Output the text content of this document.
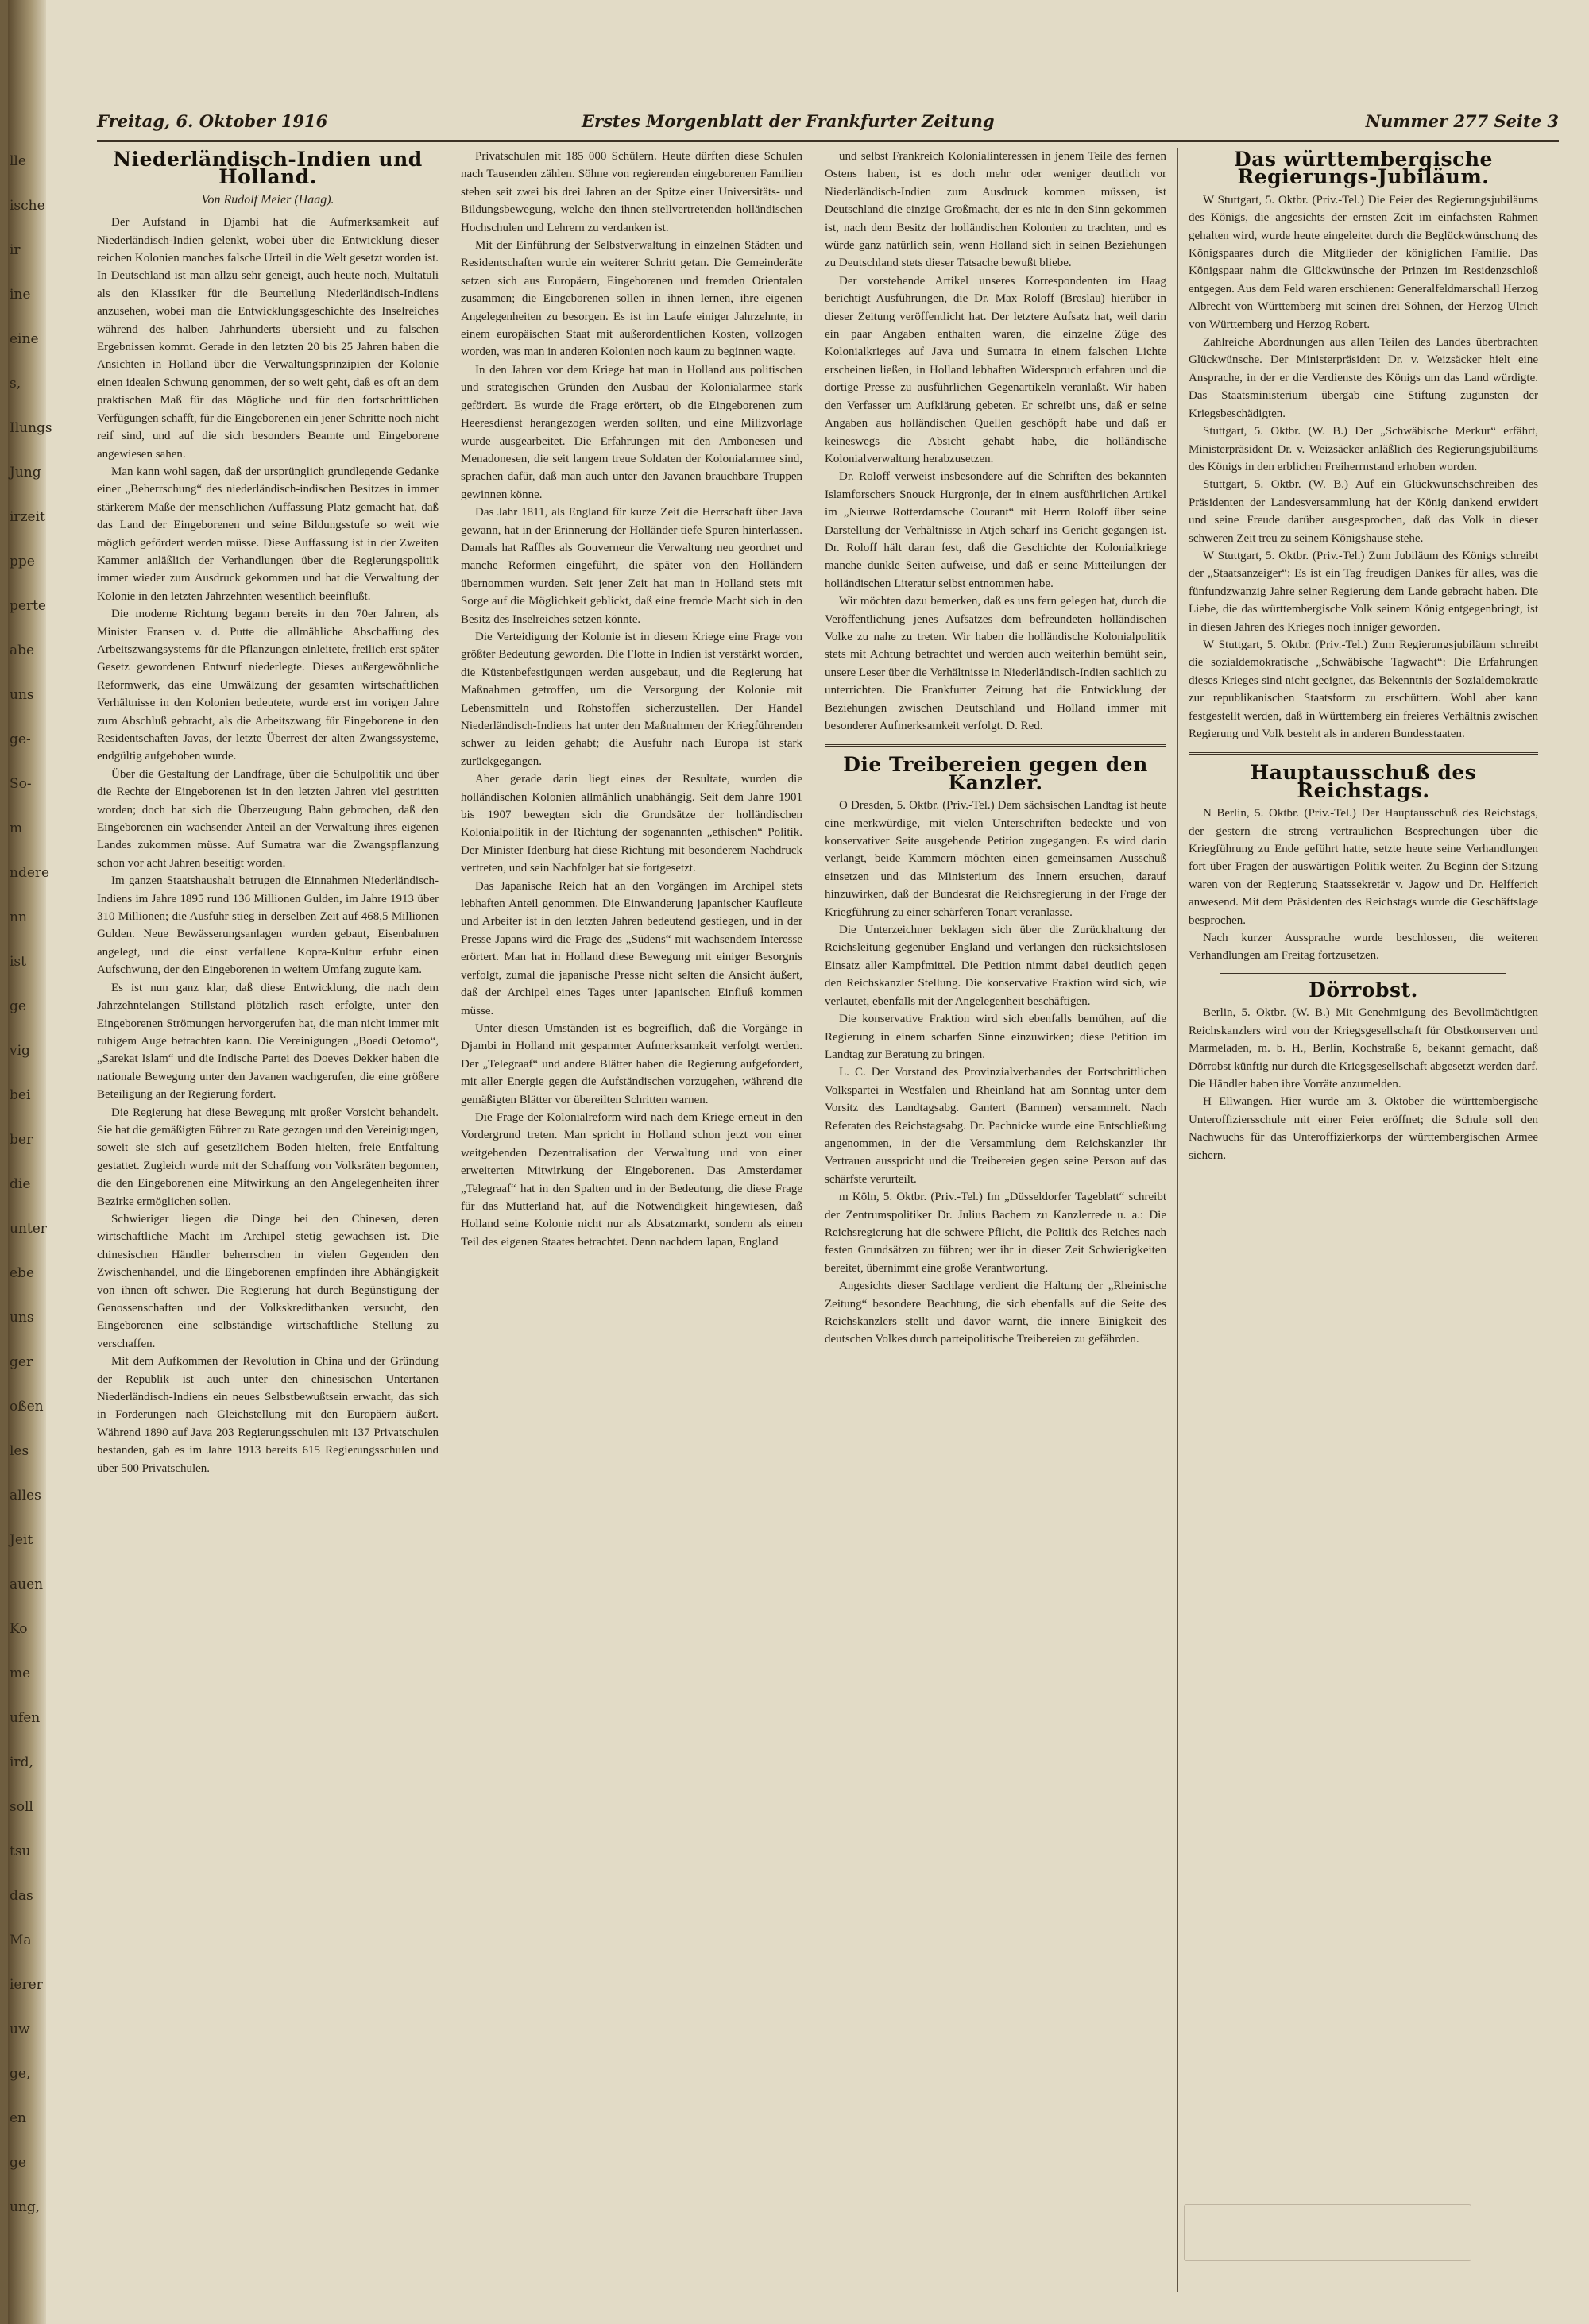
lle
ische
ir
ine
eine
s,
Ilungs
Jung
irzeit
ppe
perte
abe
uns
ge-
So-
m
ndere
nn
ist
ge
vig
bei
ber
die
unter
ebe
uns
ger
oßen
les
alles
Jeit
auen
Ko
me
ufen
ird,
soll
tsu
das
Ma
ierer
uw
ge,
en
ge
ung,
Freitag, 6. Oktober 1916	Erstes Morgenblatt der Frankfurter Zeitung	Nummer 277 Seite 3
Niederländisch-Indien und Holland.

Von Rudolf Meier (Haag).

Der Aufstand in Djambi hat die Aufmerksamkeit auf Niederländisch-Indien gelenkt, wobei über die Entwicklung dieser reichen Kolonien manches falsche Urteil in die Welt gesetzt worden ist. In Deutschland ist man allzu sehr geneigt, auch heute noch, Multatuli als den Klassiker für die Beurteilung Niederländisch-Indiens anzusehen, wobei man die Entwicklungsgeschichte des Inselreiches während des halben Jahrhunderts übersieht und zu falschen Ergebnissen kommt. Gerade in den letzten 20 bis 25 Jahren haben die Ansichten in Holland über die Verwaltungsprinzipien der Kolonie einen idealen Schwung genommen, der so weit geht, daß es oft an dem praktischen Maß für das Mögliche und für den fortschrittlichen Verfügungen schafft, für die Eingeborenen ein jener Schritte noch nicht reif sind, und auf die sich besonders Beamte und Eingeborene angewiesen sahen.

Man kann wohl sagen, daß der ursprünglich grundlegende Gedanke einer „Beherrschung“ des niederländisch-indischen Besitzes in immer stärkerem Maße der menschlichen Auffassung Platz gemacht hat, daß das Land der Eingeborenen und seine Bildungsstufe so weit wie möglich gefördert werden müsse. Diese Auffassung ist in der Zweiten Kammer anläßlich der Verhandlungen über die Regierungspolitik immer wieder zum Ausdruck gekommen und hat die Verwaltung der Kolonie in den letzten Jahrzehnten wesentlich beeinflußt.

Die moderne Richtung begann bereits in den 70er Jahren, als Minister Fransen v. d. Putte die allmähliche Abschaffung des Arbeitszwangsystems für die Pflanzungen einleitete, freilich erst später Gesetz gewordenen Entwurf niederlegte. Dieses außergewöhnliche Reformwerk, das eine Umwälzung der gesamten wirtschaftlichen Verhältnisse in den Kolonien bedeutete, wurde erst im vorigen Jahre zum Abschluß gebracht, als die Arbeitszwang für Eingeborene in den Residentschaften Javas, der letzte Überrest der alten Zwangssysteme, endgültig aufgehoben wurde.

Über die Gestaltung der Landfrage, über die Schulpolitik und über die Rechte der Eingeborenen ist in den letzten Jahren viel gestritten worden; doch hat sich die Überzeugung Bahn gebrochen, daß den Eingeborenen ein wachsender Anteil an der Verwaltung ihres eigenen Landes zukommen müsse. Auf Sumatra war die Zwangspflanzung schon vor acht Jahren beseitigt worden.

Im ganzen Staatshaushalt betrugen die Einnahmen Niederländisch-Indiens im Jahre 1895 rund 136 Millionen Gulden, im Jahre 1913 über 310 Millionen; die Ausfuhr stieg in derselben Zeit auf 468,5 Millionen Gulden. Neue Bewässerungsanlagen wurden gebaut, Eisenbahnen angelegt, und die einst verfallene Kopra-Kultur erfuhr einen Aufschwung, der den Eingeborenen in weitem Umfang zugute kam.

Es ist nun ganz klar, daß diese Entwicklung, die nach dem Jahrzehntelangen Stillstand plötzlich rasch erfolgte, unter den Eingeborenen Strömungen hervorgerufen hat, die man nicht immer mit ruhigem Auge betrachten kann. Die Vereinigungen „Boedi Oetomo“, „Sarekat Islam“ und die Indische Partei des Doeves Dekker haben die nationale Bewegung unter den Javanen wachgerufen, die eine größere Beteiligung an der Regierung fordert.

Die Regierung hat diese Bewegung mit großer Vorsicht behandelt. Sie hat die gemäßigten Führer zu Rate gezogen und den Vereinigungen, soweit sie sich auf gesetzlichem Boden hielten, freie Entfaltung gestattet. Zugleich wurde mit der Schaffung von Volksräten begonnen, die den Eingeborenen eine Mitwirkung an den Angelegenheiten ihrer Bezirke ermöglichen sollen.

Schwieriger liegen die Dinge bei den Chinesen, deren wirtschaftliche Macht im Archipel stetig gewachsen ist. Die chinesischen Händler beherrschen in vielen Gegenden den Zwischenhandel, und die Eingeborenen empfinden ihre Abhängigkeit von ihnen oft schwer. Die Regierung hat durch Begünstigung der Genossenschaften und der Volkskreditbanken versucht, den Eingeborenen eine selbständige wirtschaftliche Stellung zu verschaffen.

Mit dem Aufkommen der Revolution in China und der Gründung der Republik ist auch unter den chinesischen Untertanen Niederländisch-Indiens ein neues Selbstbewußtsein erwacht, das sich in Forderungen nach Gleichstellung mit den Europäern äußert. Während 1890 auf Java 203 Regierungsschulen mit 137 Privatschulen bestanden, gab es im Jahre 1913 bereits 615 Regierungsschulen und über 500 Privatschulen.

Privatschulen mit 185 000 Schülern. Heute dürften diese Schulen nach Tausenden zählen. Söhne von regierenden eingeborenen Familien stehen seit zwei bis drei Jahren an der Spitze einer Universitäts- und Bildungsbewegung, welche den ihnen stellvertretenden holländischen Hochschulen und Lehrern zu verdanken ist.

Mit der Einführung der Selbstverwaltung in einzelnen Städten und Residentschaften wurde ein weiterer Schritt getan. Die Gemeinderäte setzen sich aus Europäern, Eingeborenen und fremden Orientalen zusammen; die Eingeborenen sollen in ihnen lernen, ihre eigenen Angelegenheiten zu besorgen. Es ist im Laufe einiger Jahrzehnte, in einem europäischen Staat mit außerordentlichen Kosten, vollzogen worden, was man in anderen Kolonien noch kaum zu beginnen wagte.

In den Jahren vor dem Kriege hat man in Holland aus politischen und strategischen Gründen den Ausbau der Kolonialarmee stark gefördert. Es wurde die Frage erörtert, ob die Eingeborenen zum Heeresdienst herangezogen werden sollten, und eine Milizvorlage wurde ausgearbeitet. Die Erfahrungen mit den Ambonesen und Menadonesen, die seit langem treue Soldaten der Kolonialarmee sind, sprachen dafür, daß man auch unter den Javanen brauchbare Truppen gewinnen könne.

Das Jahr 1811, als England für kurze Zeit die Herrschaft über Java gewann, hat in der Erinnerung der Holländer tiefe Spuren hinterlassen. Damals hat Raffles als Gouverneur die Verwaltung neu geordnet und manche Reformen eingeführt, die später von den Holländern übernommen wurden. Seit jener Zeit hat man in Holland stets mit Sorge auf die Möglichkeit geblickt, daß eine fremde Macht sich in den Besitz des Inselreiches setzen könnte.

Die Verteidigung der Kolonie ist in diesem Kriege eine Frage von größter Bedeutung geworden. Die Flotte in Indien ist verstärkt worden, die Küstenbefestigungen werden ausgebaut, und die Regierung hat Maßnahmen getroffen, um die Versorgung der Kolonie mit Lebensmitteln und Rohstoffen sicherzustellen. Der Handel Niederländisch-Indiens hat unter den Maßnahmen der Kriegführenden schwer zu leiden gehabt; die Ausfuhr nach Europa ist stark zurückgegangen.

Aber gerade darin liegt eines der Resultate, wurden die holländischen Kolonien allmählich unabhängig. Seit dem Jahre 1901 bis 1907 bewegten sich die Grundsätze der holländischen Kolonialpolitik in der Richtung der sogenannten „ethischen“ Politik. Der Minister Idenburg hat diese Richtung mit besonderem Nachdruck vertreten, und sein Nachfolger hat sie fortgesetzt.

Das Japanische Reich hat an den Vorgängen im Archipel stets lebhaften Anteil genommen. Die Einwanderung japanischer Kaufleute und Arbeiter ist in den letzten Jahren bedeutend gestiegen, und in der Presse Japans wird die Frage des „Südens“ mit wachsendem Interesse erörtert. Man hat in Holland diese Bewegung mit einiger Besorgnis verfolgt, zumal die japanische Presse nicht selten die Ansicht äußert, daß der Archipel eines Tages unter japanischen Einfluß kommen müsse.

Unter diesen Umständen ist es begreiflich, daß die Vorgänge in Djambi in Holland mit gespannter Aufmerksamkeit verfolgt werden. Der „Telegraaf“ und andere Blätter haben die Regierung aufgefordert, mit aller Energie gegen die Aufständischen vorzugehen, während die gemäßigten Blätter vor übereilten Schritten warnen.

Die Frage der Kolonialreform wird nach dem Kriege erneut in den Vordergrund treten. Man spricht in Holland schon jetzt von einer weitgehenden Dezentralisation der Verwaltung und von einer erweiterten Mitwirkung der Eingeborenen. Das Amsterdamer „Telegraaf“ hat in den Spalten und in der Bedeutung, die diese Frage für das Mutterland hat, auf die Notwendigkeit hingewiesen, daß Holland seine Kolonie nicht nur als Absatzmarkt, sondern als einen Teil des eigenen Staates betrachtet. Denn nachdem Japan, England

und selbst Frankreich Kolonialinteressen in jenem Teile des fernen Ostens haben, ist es doch mehr oder weniger deutlich vor Niederländisch-Indien zum Ausdruck kommen müssen, ist Deutschland die einzige Großmacht, der es nie in den Sinn gekommen ist, nach dem Besitz der holländischen Kolonien zu trachten, und es würde ganz natürlich sein, wenn Holland sich in seinen Beziehungen zu Deutschland stets dieser Tatsache bewußt bliebe.

Der vorstehende Artikel unseres Korrespondenten im Haag berichtigt Ausführungen, die Dr. Max Roloff (Breslau) hierüber in dieser Zeitung veröffentlicht hat. Der letztere Aufsatz hat, weil darin ein paar Angaben enthalten waren, die einzelne Züge des Kolonialkrieges auf Java und Sumatra in einem falschen Lichte erscheinen ließen, in Holland lebhaften Widerspruch erfahren und die dortige Presse zu ausführlichen Gegenartikeln veranlaßt. Wir haben den Verfasser um Aufklärung gebeten. Er schreibt uns, daß er seine Angaben aus holländischen Quellen geschöpft habe und daß er keineswegs die Absicht gehabt habe, die holländische Kolonialverwaltung herabzusetzen.

Dr. Roloff verweist insbesondere auf die Schriften des bekannten Islamforschers Snouck Hurgronje, der in einem ausführlichen Artikel im „Nieuwe Rotterdamsche Courant“ mit Herrn Roloff über seine Darstellung der Verhältnisse in Atjeh scharf ins Gericht gegangen ist. Dr. Roloff hält daran fest, daß die Geschichte der Kolonialkriege manche dunkle Seiten aufweise, und daß er seine Mitteilungen der holländischen Literatur selbst entnommen habe.

Wir möchten dazu bemerken, daß es uns fern gelegen hat, durch die Veröffentlichung jenes Aufsatzes dem befreundeten holländischen Volke zu nahe zu treten. Wir haben die holländische Kolonialpolitik stets mit Achtung betrachtet und werden auch weiterhin bemüht sein, unsere Leser über die Verhältnisse in Niederländisch-Indien sachlich zu unterrichten. Die Frankfurter Zeitung hat die Entwicklung der Beziehungen zwischen Deutschland und Holland immer mit besonderer Aufmerksamkeit verfolgt. D. Red.

Die Treibereien gegen den Kanzler.

O Dresden, 5. Oktbr. (Priv.-Tel.) Dem sächsischen Landtag ist heute eine merkwürdige, mit vielen Unterschriften bedeckte und von konservativer Seite ausgehende Petition zugegangen. Es wird darin verlangt, beide Kammern möchten einen gemeinsamen Ausschuß einsetzen und das Ministerium des Innern ersuchen, darauf hinzuwirken, daß der Bundesrat die Reichsregierung in der Frage der Kriegführung zu einer schärferen Tonart veranlasse.

Die Unterzeichner beklagen sich über die Zurückhaltung der Reichsleitung gegenüber England und verlangen den rücksichtslosen Einsatz aller Kampfmittel. Die Petition nimmt dabei deutlich gegen den Reichskanzler Stellung. Die konservative Fraktion wird sich, wie verlautet, ebenfalls mit der Angelegenheit beschäftigen.

Die konservative Fraktion wird sich ebenfalls bemühen, auf die Regierung in einem scharfen Sinne einzuwirken; diese Petition im Landtag zur Beratung zu bringen.

L. C. Der Vorstand des Provinzialverbandes der Fortschrittlichen Volkspartei in Westfalen und Rheinland hat am Sonntag unter dem Vorsitz des Landtagsabg. Gantert (Barmen) versammelt. Nach Referaten des Reichstagsabg. Dr. Pachnicke wurde eine Entschließung angenommen, in der die Versammlung dem Reichskanzler ihr Vertrauen ausspricht und die Treibereien gegen seine Person auf das schärfste verurteilt.

m Köln, 5. Oktbr. (Priv.-Tel.) Im „Düsseldorfer Tageblatt“ schreibt der Zentrumspolitiker Dr. Julius Bachem zu Kanzlerrede u. a.: Die Reichsregierung hat die schwere Pflicht, die Politik des Reiches nach festen Grundsätzen zu führen; wer ihr in dieser Zeit Schwierigkeiten bereitet, übernimmt eine große Verantwortung.

Angesichts dieser Sachlage verdient die Haltung der „Rheinische Zeitung“ besondere Beachtung, die sich ebenfalls auf die Seite des Reichskanzlers stellt und davor warnt, die innere Einigkeit des deutschen Volkes durch parteipolitische Treibereien zu gefährden.

Das württembergische Regierungs-Jubiläum.

W Stuttgart, 5. Oktbr. (Priv.-Tel.) Die Feier des Regierungsjubiläums des Königs, die angesichts der ernsten Zeit im einfachsten Rahmen gehalten wird, wurde heute eingeleitet durch die Beglückwünschung des Königspaares durch die Mitglieder der königlichen Familie. Das Königspaar nahm die Glückwünsche der Prinzen im Residenzschloß entgegen. Aus dem Feld waren erschienen: Generalfeldmarschall Herzog Albrecht von Württemberg mit seinen drei Söhnen, der Herzog Ulrich von Württemberg und Herzog Robert.

Zahlreiche Abordnungen aus allen Teilen des Landes überbrachten Glückwünsche. Der Ministerpräsident Dr. v. Weizsäcker hielt eine Ansprache, in der er die Verdienste des Königs um das Land würdigte. Das Staatsministerium übergab eine Stiftung zugunsten der Kriegsbeschädigten.

Stuttgart, 5. Oktbr. (W. B.) Der „Schwäbische Merkur“ erfährt, Ministerpräsident Dr. v. Weizsäcker anläßlich des Regierungsjubiläums des Königs in den erblichen Freiherrnstand erhoben worden.

Stuttgart, 5. Oktbr. (W. B.) Auf ein Glückwunschschreiben des Präsidenten der Landesversammlung hat der König dankend erwidert und seine Freude darüber ausgesprochen, daß das Volk in dieser schweren Zeit treu zu seinem Königshause stehe.

W Stuttgart, 5. Oktbr. (Priv.-Tel.) Zum Jubiläum des Königs schreibt der „Staatsanzeiger“: Es ist ein Tag freudigen Dankes für alles, was die fünfundzwanzig Jahre seiner Regierung dem Lande gebracht haben. Die Liebe, die das württembergische Volk seinem König entgegenbringt, ist in diesen Jahren des Krieges noch inniger geworden.

W Stuttgart, 5. Oktbr. (Priv.-Tel.) Zum Regierungsjubiläum schreibt die sozialdemokratische „Schwäbische Tagwacht“: Die Erfahrungen dieses Krieges sind nicht geeignet, das Bekenntnis der Sozialdemokratie zur republikanischen Staatsform zu erschüttern. Wohl aber kann festgestellt werden, daß in Württemberg ein freieres Verhältnis zwischen Regierung und Volk besteht als in anderen Bundesstaaten.

Hauptausschuß des Reichstags.

N Berlin, 5. Oktbr. (Priv.-Tel.) Der Hauptausschuß des Reichstags, der gestern die streng vertraulichen Besprechungen über die Kriegführung zu Ende geführt hatte, setzte heute seine Verhandlungen fort über Fragen der auswärtigen Politik weiter. Zu Beginn der Sitzung waren von der Regierung Staatssekretär v. Jagow und Dr. Helfferich anwesend. Mit dem Präsidenten des Reichstags wurde die Geschäftslage besprochen.

Nach kurzer Aussprache wurde beschlossen, die weiteren Verhandlungen am Freitag fortzusetzen.

Dörrobst.

Berlin, 5. Oktbr. (W. B.) Mit Genehmigung des Bevollmächtigten Reichskanzlers wird von der Kriegsgesellschaft für Obstkonserven und Marmeladen, m. b. H., Berlin, Kochstraße 6, bekannt gemacht, daß Dörrobst künftig nur durch die Kriegsgesellschaft abgesetzt werden darf. Die Händler haben ihre Vorräte anzumelden.

H Ellwangen. Hier wurde am 3. Oktober die württembergische Unteroffiziersschule mit einer Feier eröffnet; die Schule soll den Nachwuchs für das Unteroffizierkorps der württembergischen Armee sichern.
